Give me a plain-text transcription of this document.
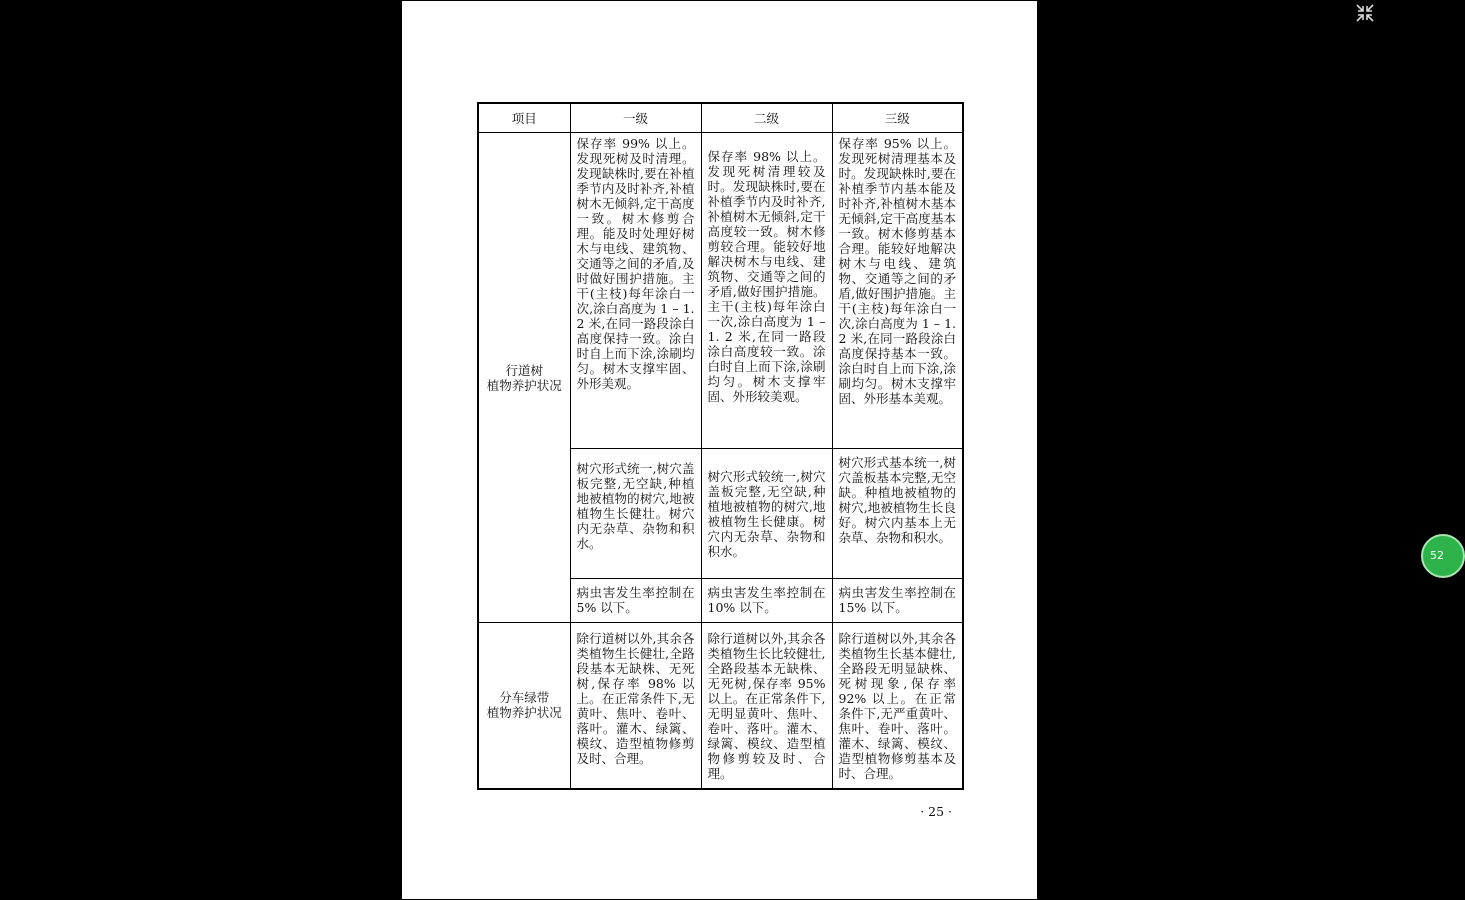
项目	一级	二级	三级

行道树
植物养护状况	保存率 99% 以上。发现死树及时清理。发现缺株时,要在补植季节内及时补齐,补植树木无倾斜,定干高度一致。树木修剪合理。能及时处理好树木与电线、建筑物、交通等之间的矛盾,及时做好围护措施。主干(主枝)每年涂白一次,涂白高度为 1 – 1. 2 米,在同一路段涂白高度保持一致。涂白时自上而下涂,涂刷均匀。树木支撑牢固、外形美观。	保存率 98% 以上。发现死树清理较及时。发现缺株时,要在补植季节内及时补齐,补植树木无倾斜,定干高度较一致。树木修剪较合理。能较好地解决树木与电线、建筑物、交通等之间的矛盾,做好围护措施。主干(主枝)每年涂白一次,涂白高度为 1 – 1. 2 米,在同一路段涂白高度较一致。涂白时自上而下涂,涂刷均匀。树木支撑牢固、外形较美观。	保存率 95% 以上。发现死树清理基本及时。发现缺株时,要在补植季节内基本能及时补齐,补植树木基本无倾斜,定干高度基本一致。树木修剪基本合理。能较好地解决树木与电线、建筑物、交通等之间的矛盾,做好围护措施。主干(主枝)每年涂白一次,涂白高度为 1 – 1. 2 米,在同一路段涂白高度保持基本一致。涂白时自上而下涂,涂刷均匀。树木支撑牢固、外形基本美观。
	树穴形式统一,树穴盖板完整,无空缺,种植地被植物的树穴,地被植物生长健壮。树穴内无杂草、杂物和积水。	树穴形式较统一,树穴盖板完整,无空缺,种植地被植物的树穴,地被植物生长健康。树穴内无杂草、杂物和积水。	树穴形式基本统一,树穴盖板基本完整,无空缺。种植地被植物的树穴,地被植物生长良好。树穴内基本上无杂草、杂物和积水。
	病虫害发生率控制在 5% 以下。	病虫害发生率控制在 10% 以下。	病虫害发生率控制在 15% 以下。

分车绿带
植物养护状况	除行道树以外,其余各类植物生长健壮,全路段基本无缺株、无死树,保存率 98% 以上。在正常条件下,无黄叶、焦叶、卷叶、落叶。灌木、绿篱、模纹、造型植物修剪及时、合理。	除行道树以外,其余各类植物生长比较健壮,全路段基本无缺株、无死树,保存率 95% 以上。在正常条件下,无明显黄叶、焦叶、卷叶、落叶。灌木、绿篱、模纹、造型植物修剪较及时、合理。	除行道树以外,其余各类植物生长基本健壮,全路段无明显缺株、死树现象,保存率 92% 以上。在正常条件下,无严重黄叶、焦叶、卷叶、落叶。灌木、绿篱、模纹、造型植物修剪基本及时、合理。
· 25 ·
52
